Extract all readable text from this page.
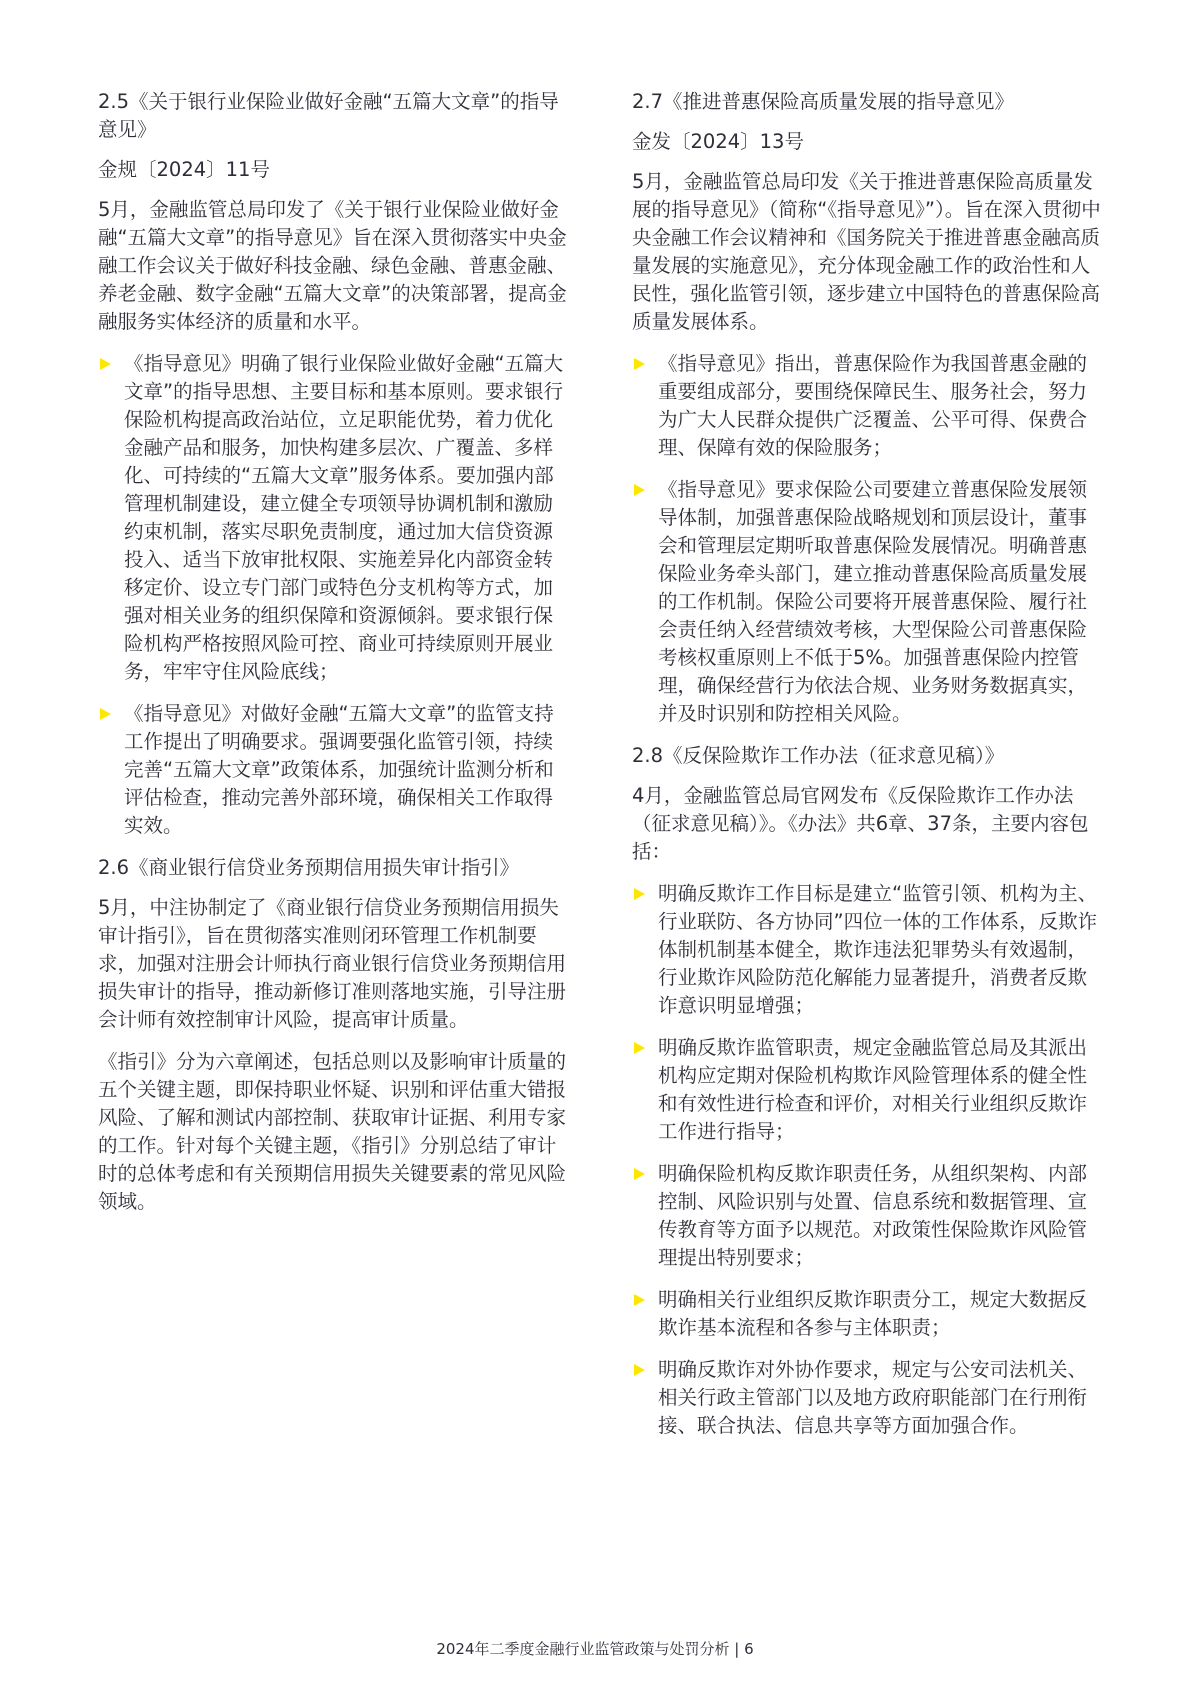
2.5《关于银行业保险业做好金融“五篇大文章”的指导意见》
金规〔2024〕11号
5月，金融监管总局印发了《关于银行业保险业做好金融“五篇大文章”的指导意见》旨在深入贯彻落实中央金融工作会议关于做好科技金融、绿色金融、普惠金融、养老金融、数字金融“五篇大文章”的决策部署，提高金融服务实体经济的质量和水平。
《指导意见》明确了银行业保险业做好金融“五篇大文章”的指导思想、主要目标和基本原则。要求银行保险机构提高政治站位，立足职能优势，着力优化金融产品和服务，加快构建多层次、广覆盖、多样化、可持续的“五篇大文章”服务体系。要加强内部管理机制建设，建立健全专项领导协调机制和激励约束机制，落实尽职免责制度，通过加大信贷资源投入、适当下放审批权限、实施差异化内部资金转移定价、设立专门部门或特色分支机构等方式，加强对相关业务的组织保障和资源倾斜。要求银行保险机构严格按照风险可控、商业可持续原则开展业务，牢牢守住风险底线；
《指导意见》对做好金融“五篇大文章”的监管支持工作提出了明确要求。强调要强化监管引领，持续完善“五篇大文章”政策体系，加强统计监测分析和评估检查，推动完善外部环境，确保相关工作取得实效。
2.6《商业银行信贷业务预期信用损失审计指引》
5月，中注协制定了《商业银行信贷业务预期信用损失审计指引》，旨在贯彻落实准则闭环管理工作机制要求，加强对注册会计师执行商业银行信贷业务预期信用损失审计的指导，推动新修订准则落地实施，引导注册会计师有效控制审计风险，提高审计质量。
《指引》分为六章阐述，包括总则以及影响审计质量的五个关键主题，即保持职业怀疑、识别和评估重大错报风险、了解和测试内部控制、获取审计证据、利用专家的工作。针对每个关键主题，《指引》分别总结了审计时的总体考虑和有关预期信用损失关键要素的常见风险领域。
2.7《推进普惠保险高质量发展的指导意见》
金发〔2024〕13号
5月，金融监管总局印发《关于推进普惠保险高质量发展的指导意见》（简称“《指导意见》”）。旨在深入贯彻中央金融工作会议精神和《国务院关于推进普惠金融高质量发展的实施意见》，充分体现金融工作的政治性和人民性，强化监管引领，逐步建立中国特色的普惠保险高质量发展体系。
《指导意见》指出，普惠保险作为我国普惠金融的重要组成部分，要围绕保障民生、服务社会，努力为广大人民群众提供广泛覆盖、公平可得、保费合理、保障有效的保险服务；
《指导意见》要求保险公司要建立普惠保险发展领导体制，加强普惠保险战略规划和顶层设计，董事会和管理层定期听取普惠保险发展情况。明确普惠保险业务牵头部门，建立推动普惠保险高质量发展的工作机制。保险公司要将开展普惠保险、履行社会责任纳入经营绩效考核，大型保险公司普惠保险考核权重原则上不低于5%。加强普惠保险内控管理，确保经营行为依法合规、业务财务数据真实，并及时识别和防控相关风险。
2.8《反保险欺诈工作办法（征求意见稿）》
4月，金融监管总局官网发布《反保险欺诈工作办法（征求意见稿）》。《办法》共6章、37条，主要内容包括：
明确反欺诈工作目标是建立“监管引领、机构为主、行业联防、各方协同”四位一体的工作体系，反欺诈体制机制基本健全，欺诈违法犯罪势头有效遏制，行业欺诈风险防范化解能力显著提升，消费者反欺诈意识明显增强；
明确反欺诈监管职责，规定金融监管总局及其派出机构应定期对保险机构欺诈风险管理体系的健全性和有效性进行检查和评价，对相关行业组织反欺诈工作进行指导；
明确保险机构反欺诈职责任务，从组织架构、内部控制、风险识别与处置、信息系统和数据管理、宣传教育等方面予以规范。对政策性保险欺诈风险管理提出特别要求；
明确相关行业组织反欺诈职责分工，规定大数据反欺诈基本流程和各参与主体职责；
明确反欺诈对外协作要求，规定与公安司法机关、相关行政主管部门以及地方政府职能部门在行刑衔接、联合执法、信息共享等方面加强合作。
2024年二季度金融行业监管政策与处罚分析 | 6
